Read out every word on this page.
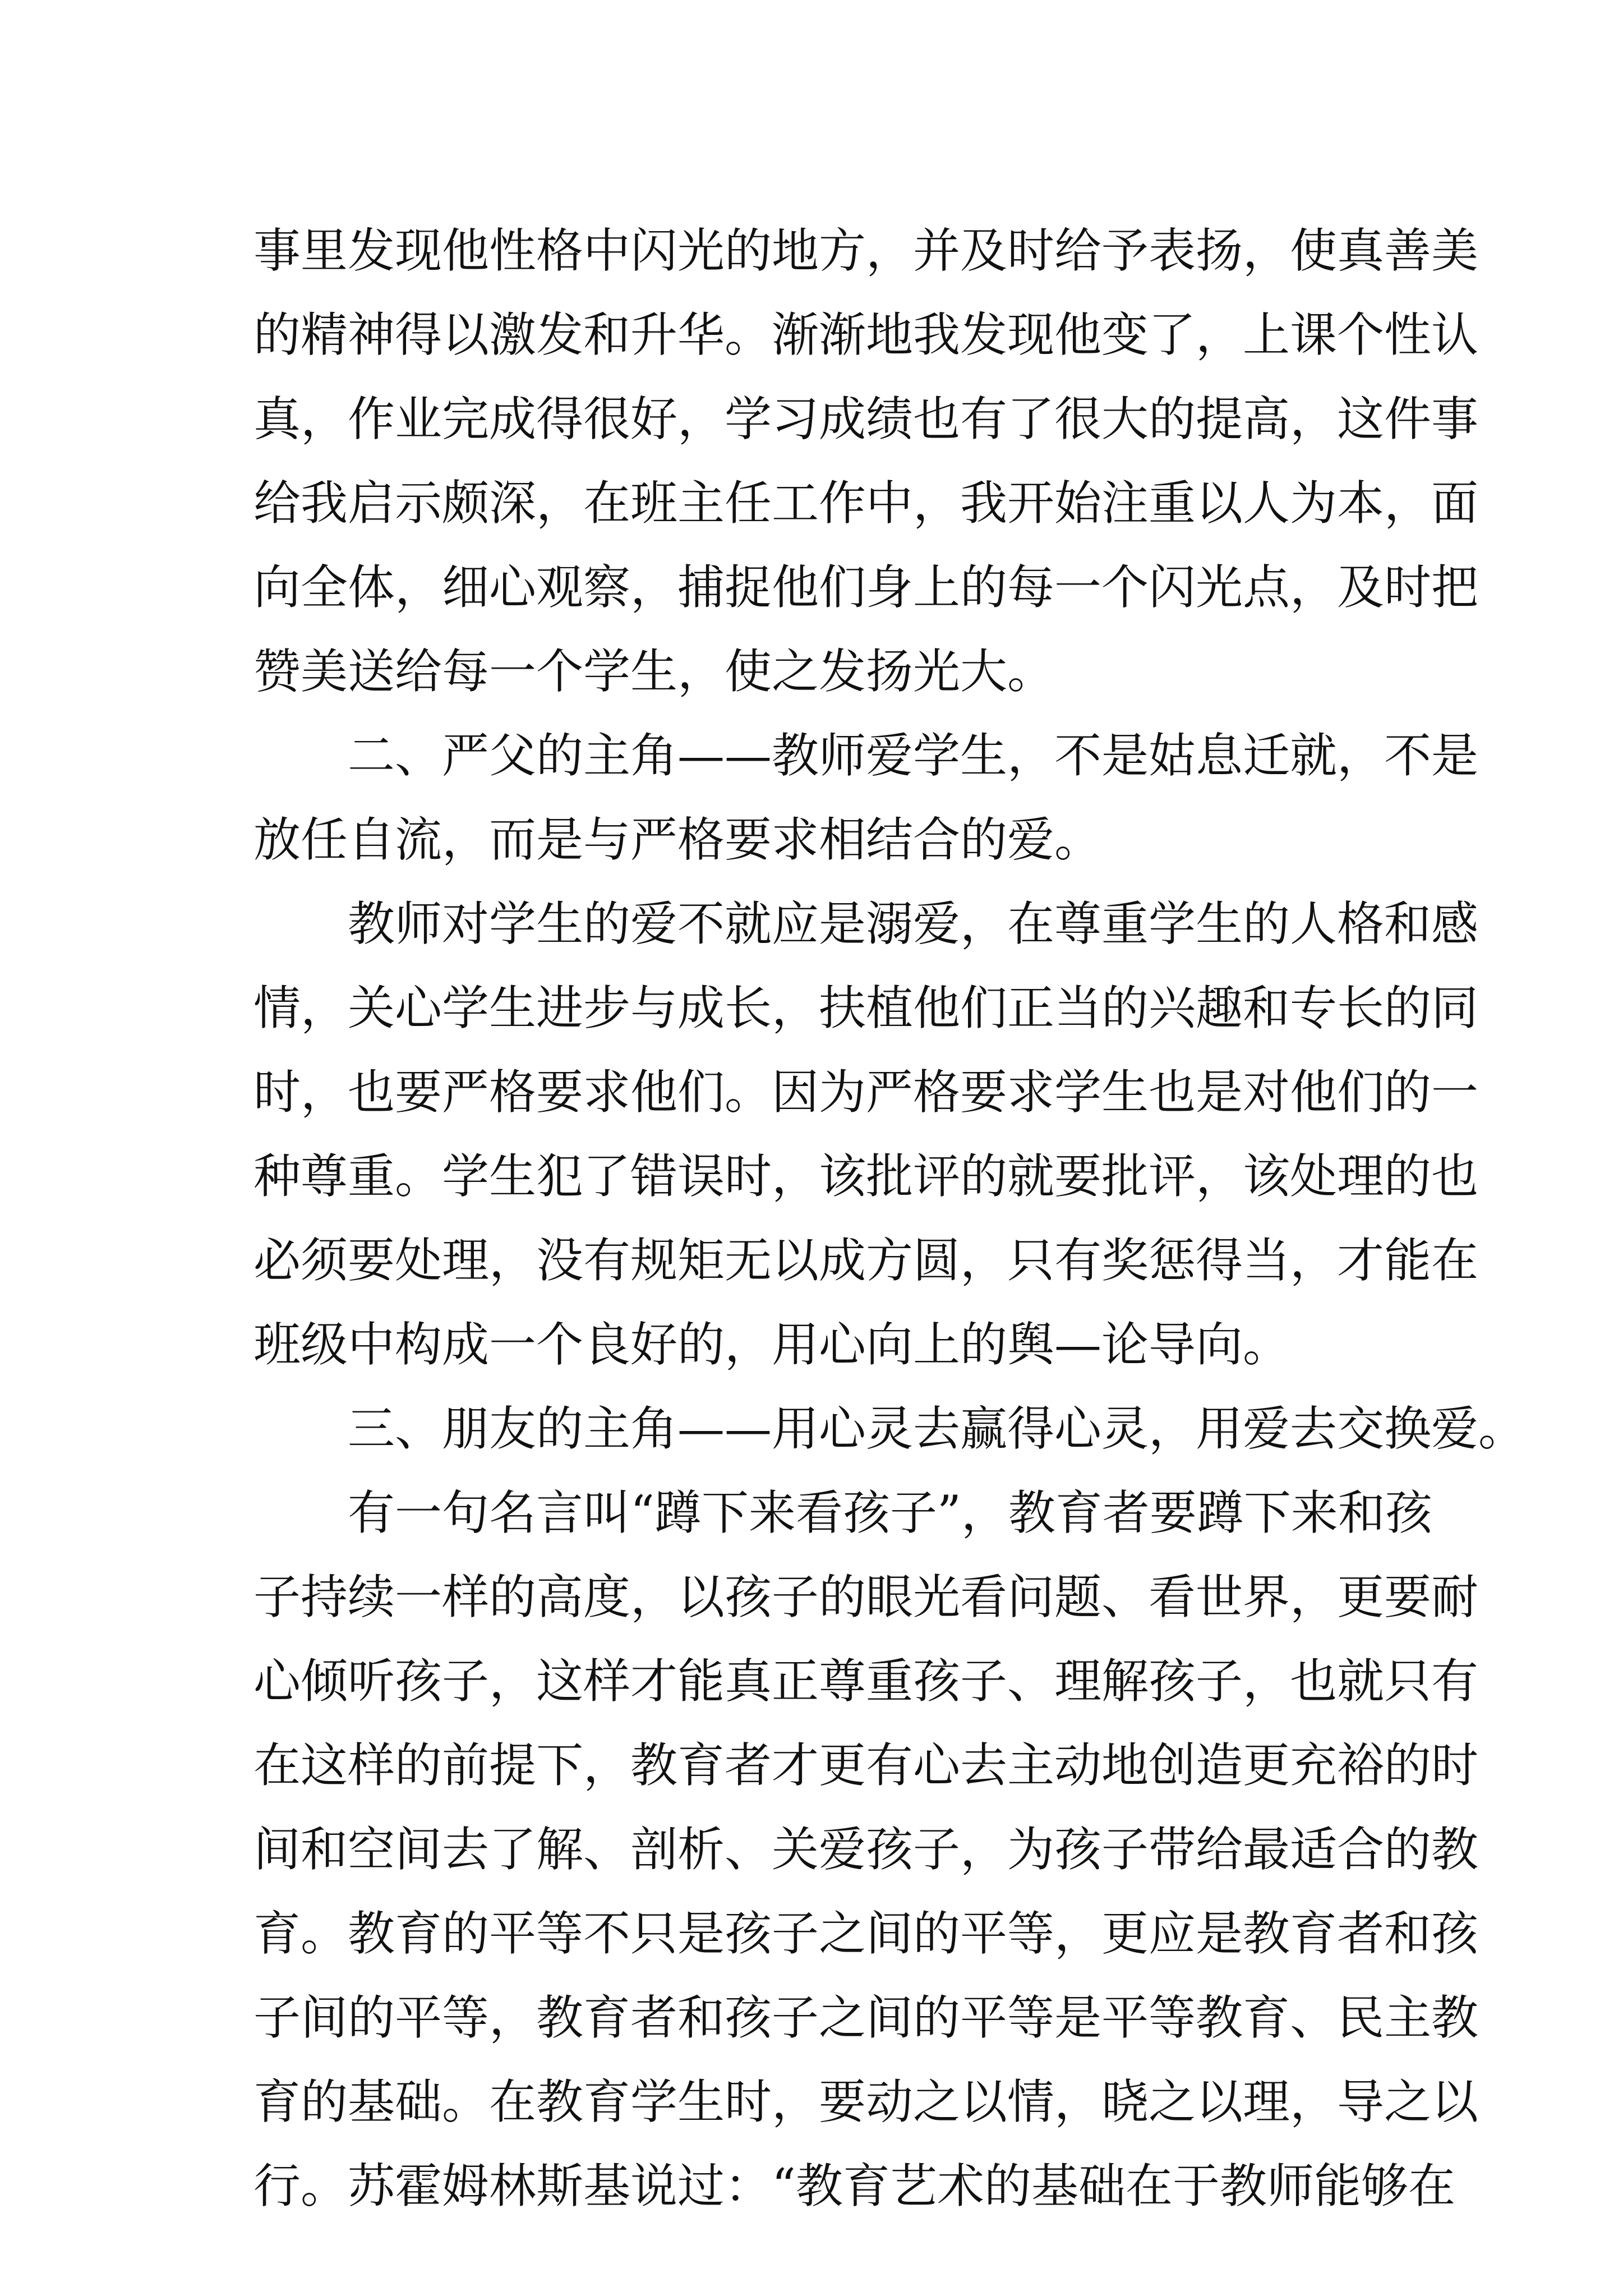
事里发现他性格中闪光的地方，并及时给予表扬，使真善美
的精神得以激发和升华。渐渐地我发现他变了，上课个性认
真，作业完成得很好，学习成绩也有了很大的提高，这件事
给我启示颇深，在班主任工作中，我开始注重以人为本，面
向全体，细心观察，捕捉他们身上的每一个闪光点，及时把
赞美送给每一个学生，使之发扬光大。
二、严父的主角——教师爱学生，不是姑息迁就，不是
放任自流，而是与严格要求相结合的爱。
教师对学生的爱不就应是溺爱，在尊重学生的人格和感
情，关心学生进步与成长，扶植他们正当的兴趣和专长的同
时，也要严格要求他们。因为严格要求学生也是对他们的一
种尊重。学生犯了错误时，该批评的就要批评，该处理的也
必须要处理，没有规矩无以成方圆，只有奖惩得当，才能在
班级中构成一个良好的，用心向上的舆—论导向。
三、朋友的主角——用心灵去赢得心灵，用爱去交换爱。
有一句名言叫“蹲下来看孩子”，教育者要蹲下来和孩
子持续一样的高度，以孩子的眼光看问题、看世界，更要耐
心倾听孩子，这样才能真正尊重孩子、理解孩子，也就只有
在这样的前提下，教育者才更有心去主动地创造更充裕的时
间和空间去了解、剖析、关爱孩子，为孩子带给最适合的教
育。教育的平等不只是孩子之间的平等，更应是教育者和孩
子间的平等，教育者和孩子之间的平等是平等教育、民主教
育的基础。在教育学生时，要动之以情，晓之以理，导之以
行。苏霍姆林斯基说过：“教育艺术的基础在于教师能够在
